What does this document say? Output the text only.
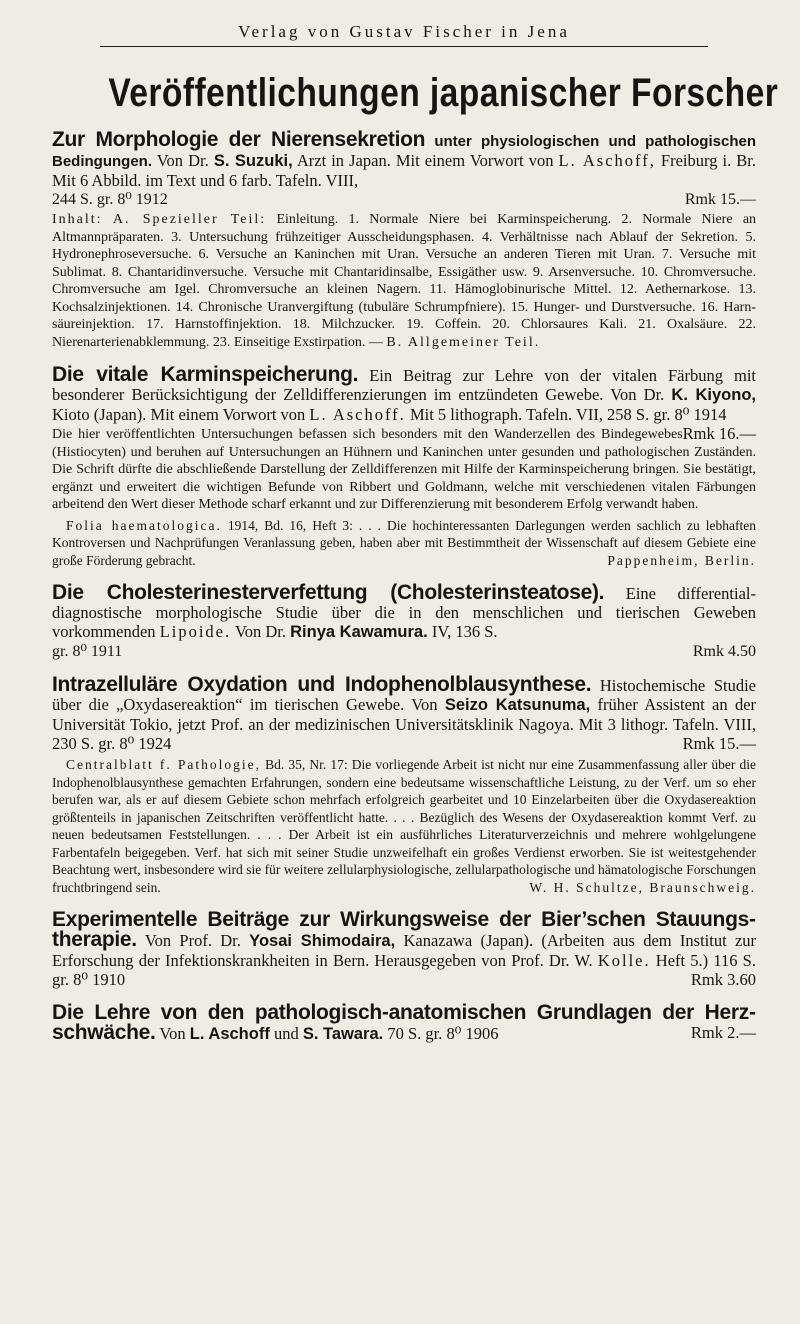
Verlag von Gustav Fischer in Jena
Veröffentlichungen japanischer Forscher
Zur Morphologie der Nierensekretion unter physiologischen und pathologischen Bedingungen. Von Dr. S. Suzuki, Arzt in Japan. Mit einem Vorwort von L. Aschoff, Freiburg i. Br. Mit 6 Abbild. im Text und 6 farb. Tafeln. VIII,
244 S. gr. 8⁰ 1912	Rmk 15.—
Inhalt: A. Spezieller Teil: Einleitung. 1. Normale Niere bei Karminspeicherung. 2. Normale Niere an Altmannpräparaten. 3. Untersuchung frühzeitiger Ausscheidungsphasen. 4. Verhältnisse nach Ablauf der Sekretion. 5. Hydronephroseversuche. 6. Versuche an Kaninchen mit Uran. Versuche an anderen Tieren mit Uran. 7. Versuche mit Sublimat. 8. Chantaridinversuche. Versuche mit Chantaridinsalbe, Essigäther usw. 9. Arsenversuche. 10. Chromversuche. Chromversuche am Igel. Chromversuche an kleinen Nagern. 11. Hämoglobinurische Mittel. 12. Aethernarkose. 13. Kochsalzinjektionen. 14. Chronische Uranvergiftung (tubuläre Schrumpfniere). 15. Hunger- und Durstversuche. 16. Harnsäureinjektion. 17. Harnstoffinjektion. 18. Milchzucker. 19. Coffein. 20. Chlorsaures Kali. 21. Oxalsäure. 22. Nierenarterienabklemmung. 23. Einseitige Exstirpation. — B. Allgemeiner Teil.
Die vitale Karminspeicherung. Ein Beitrag zur Lehre von der vitalen Färbung mit besonderer Berücksichtigung der Zelldifferenzierungen im entzündeten Gewebe. Von Dr. K. Kiyono, Kioto (Japan). Mit einem Vorwort von L. Aschoff. Mit 5 lithograph. Tafeln. VII, 258 S. gr. 8⁰ 1914
Rmk 16.—
Die hier veröffentlichten Untersuchungen befassen sich besonders mit den Wanderzellen des Bindegewebes (Histiocyten) und beruhen auf Untersuchungen an Hühnern und Kaninchen unter gesunden und pathologischen Zuständen. Die Schrift dürfte die abschließende Darstellung der Zelldifferenzen mit Hilfe der Karminspeicherung bringen. Sie bestätigt, ergänzt und erweitert die wichtigen Befunde von Ribbert und Goldmann, welche mit verschiedenen vitalen Färbungen arbeitend den Wert dieser Methode scharf erkannt und zur Differenzierung mit besonderem Erfolg verwandt haben.
Folia haematologica. 1914, Bd. 16, Heft 3: . . . Die hochinteressanten Darlegungen werden sachlich zu lebhaften Kontroversen und Nachprüfungen Veranlassung geben, haben aber mit Bestimmtheit der Wissenschaft auf diesem Gebiete eine große Förderung gebracht.	Pappenheim, Berlin.
Die Cholesterinesterverfettung (Cholesterinsteatose). Eine differentialdiagnostische morphologische Studie über die in den menschlichen und tierischen Geweben vorkommenden Lipoide. Von Dr. Rinya Kawamura. IV, 136 S.
gr. 8⁰ 1911	Rmk 4.50
Intrazelluläre Oxydation und Indophenolblausynthese. Histochemische Studie über die „Oxydasereaktion“ im tierischen Gewebe. Von Seizo Katsunuma, früher Assistent an der Universität Tokio, jetzt Prof. an der medizinischen Universitätsklinik Nagoya. Mit 3 lithogr. Tafeln. VIII, 230 S. gr. 8⁰ 1924	Rmk 15.—
Centralblatt f. Pathologie, Bd. 35, Nr. 17: Die vorliegende Arbeit ist nicht nur eine Zusammenfassung aller über die Indophenolblausynthese gemachten Erfahrungen, sondern eine bedeutsame wissenschaftliche Leistung, zu der Verf. um so eher berufen war, als er auf diesem Gebiete schon mehrfach erfolgreich gearbeitet und 10 Einzelarbeiten über die Oxydasereaktion größtenteils in japanischen Zeitschriften veröffentlicht hatte. . . . Bezüglich des Wesens der Oxydasereaktion kommt Verf. zu neuen bedeutsamen Feststellungen. . . . Der Arbeit ist ein ausführliches Literaturverzeichnis und mehrere wohlgelungene Farbentafeln beigegeben. Verf. hat sich mit seiner Studie unzweifelhaft ein großes Verdienst erworben. Sie ist weitestgehender Beachtung wert, insbesondere wird sie für weitere zellularphysiologische, zellularpathologische und hämatologische Forschungen fruchtbringend sein.	W. H. Schultze, Braunschweig.
Experimentelle Beiträge zur Wirkungsweise der Bier’schen Stauungstherapie. Von Prof. Dr. Yosai Shimodaira, Kanazawa (Japan). (Arbeiten aus dem Institut zur Erforschung der Infektionskrankheiten in Bern. Herausgegeben von Prof. Dr. W. Kolle. Heft 5.) 116 S. gr. 8⁰ 1910	Rmk 3.60
Die Lehre von den pathologisch-anatomischen Grundlagen der Herzschwäche. Von L. Aschoff und S. Tawara. 70 S. gr. 8⁰ 1906	Rmk 2.—
